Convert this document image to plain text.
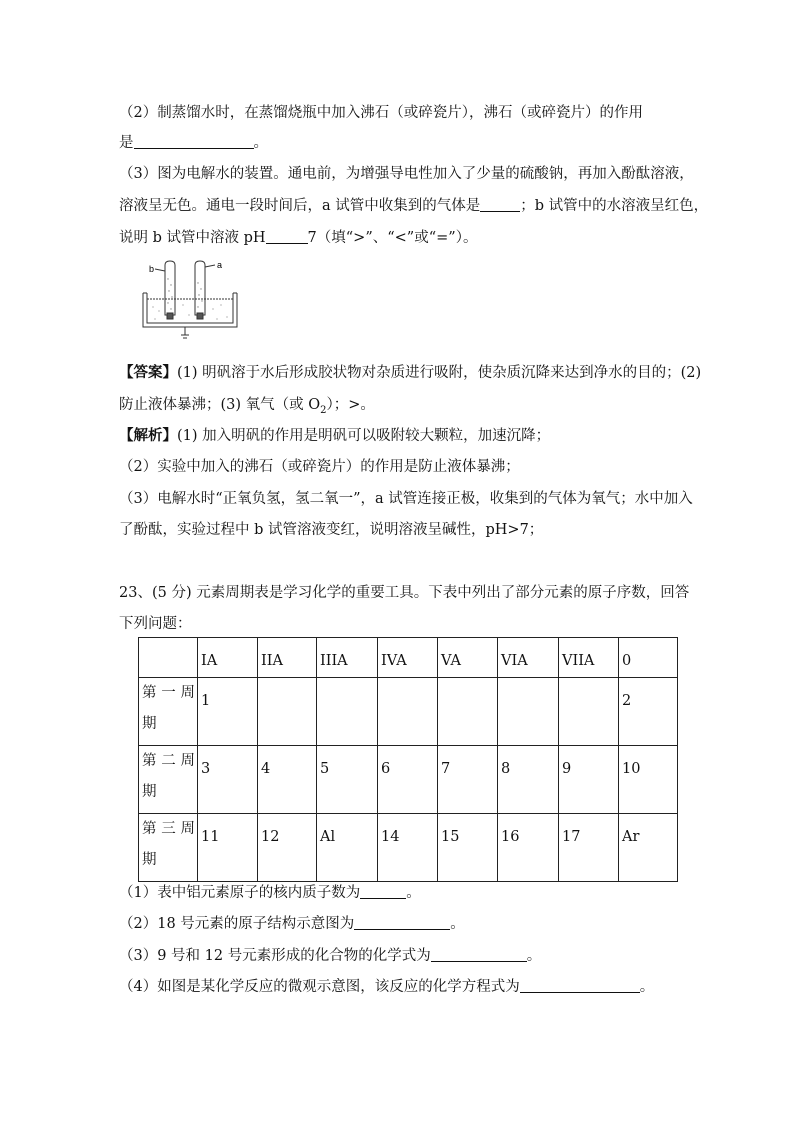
（2）制蒸馏水时，在蒸馏烧瓶中加入沸石（或碎瓷片），沸石（或碎瓷片）的作用
是	。
（3）图为电解水的装置。通电前，为增强导电性加入了少量的硫酸钠，再加入酚酞溶液，
溶液呈无色。通电一段时间后，a 试管中收集到的气体是	；b 试管中的水溶液呈红色，
说明 b 试管中溶液 pH	7（填“>”、“<”或“=”）。
b	a
【答案】(1) 明矾溶于水后形成胶状物对杂质进行吸附，使杂质沉降来达到净水的目的；(2)
防止液体暴沸；(3) 氧气（或 $O_2$）；>。
【解析】(1) 加入明矾的作用是明矾可以吸附较大颗粒，加速沉降；
（2）实验中加入的沸石（或碎瓷片）的作用是防止液体暴沸；
（3）电解水时“正氧负氢，氢二氧一”，a 试管连接正极，收集到的气体为氧气；水中加入
了酚酞，实验过程中 b 试管溶液变红，说明溶液呈碱性，pH>7；
23、(5 分) 元素周期表是学习化学的重要工具。下表中列出了部分元素的原子序数，回答
下列问题：
	IA	IIA	IIIA	IVA	VA	VIA	VIIA	0

第 一 周
期	1							2

第 二 周
期	3	4	5	6	7	8	9	10

第 三 周
期	11	12	Al	14	15	16	17	Ar
（1）表中铝元素原子的核内质子数为	。
（2）18 号元素的原子结构示意图为	。
（3）9 号和 12 号元素形成的化合物的化学式为	。
（4）如图是某化学反应的微观示意图，该反应的化学方程式为	。
